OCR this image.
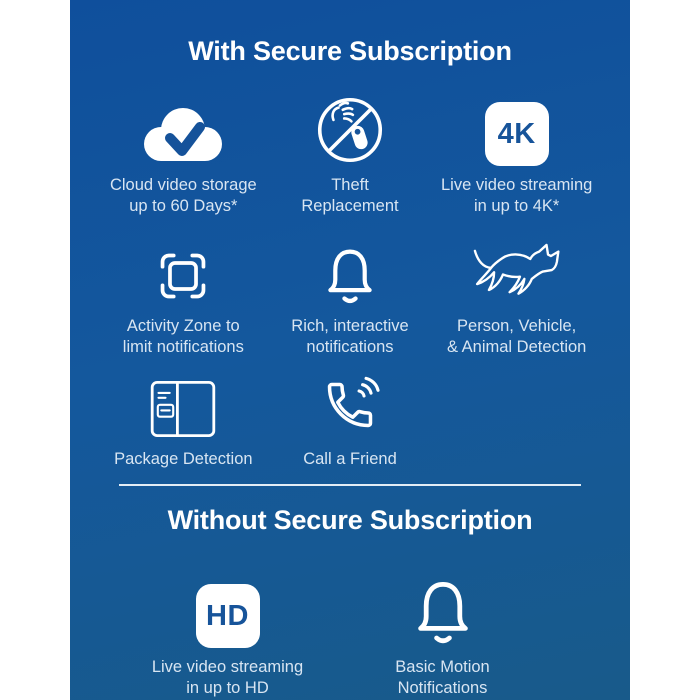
With Secure Subscription
Cloud video storage
up to 60 Days*
Theft
Replacement
4K
Live video streaming
in up to 4K*
Activity Zone to
limit notifications
Rich, interactive
notifications
Person, Vehicle,
& Animal Detection
Package Detection	Call a Friend
Without Secure Subscription
HD
Live video streaming
in up to HD
Basic Motion
Notifications
